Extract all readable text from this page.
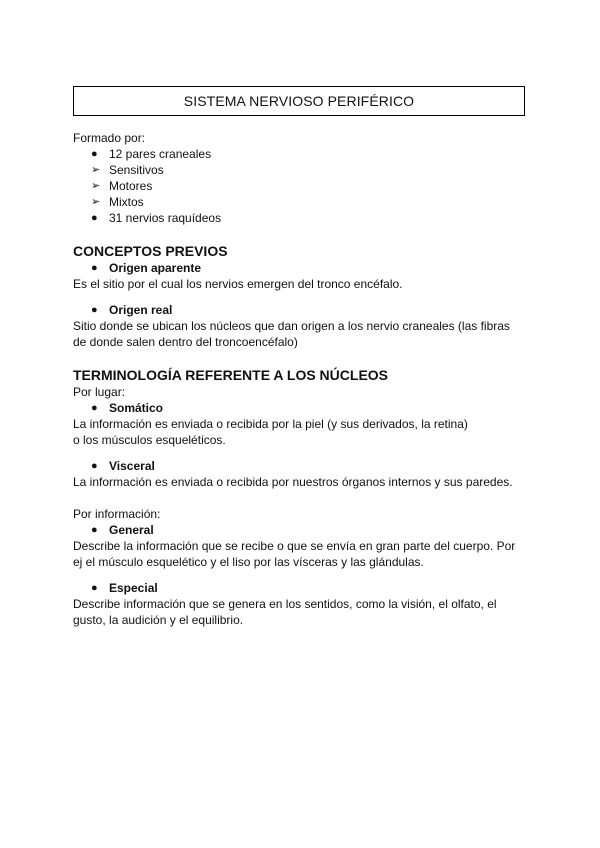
SISTEMA NERVIOSO PERIFÉRICO
Formado por:
● 12 pares craneales
➢ Sensitivos
➢ Motores
➢ Mixtos
● 31 nervios raquídeos
CONCEPTOS PREVIOS
● Origen aparente
Es el sitio por el cual los nervios emergen del tronco encéfalo.
● Origen real
Sitio donde se ubican los núcleos que dan origen a los nervio craneales (las fibras
de donde salen dentro del troncoencéfalo)
TERMINOLOGÍA REFERENTE A LOS NÚCLEOS
Por lugar:
● Somático
La información es enviada o recibida por la piel (y sus derivados, la retina)
o los músculos esqueléticos.
● Visceral
La información es enviada o recibida por nuestros órganos internos y sus paredes.
Por información:
● General
Describe la información que se recibe o que se envía en gran parte del cuerpo. Por
ej el músculo esquelético y el liso por las vísceras y las glándulas.
● Especial
Describe información que se genera en los sentidos, como la visión, el olfato, el
gusto, la audición y el equilibrio.
